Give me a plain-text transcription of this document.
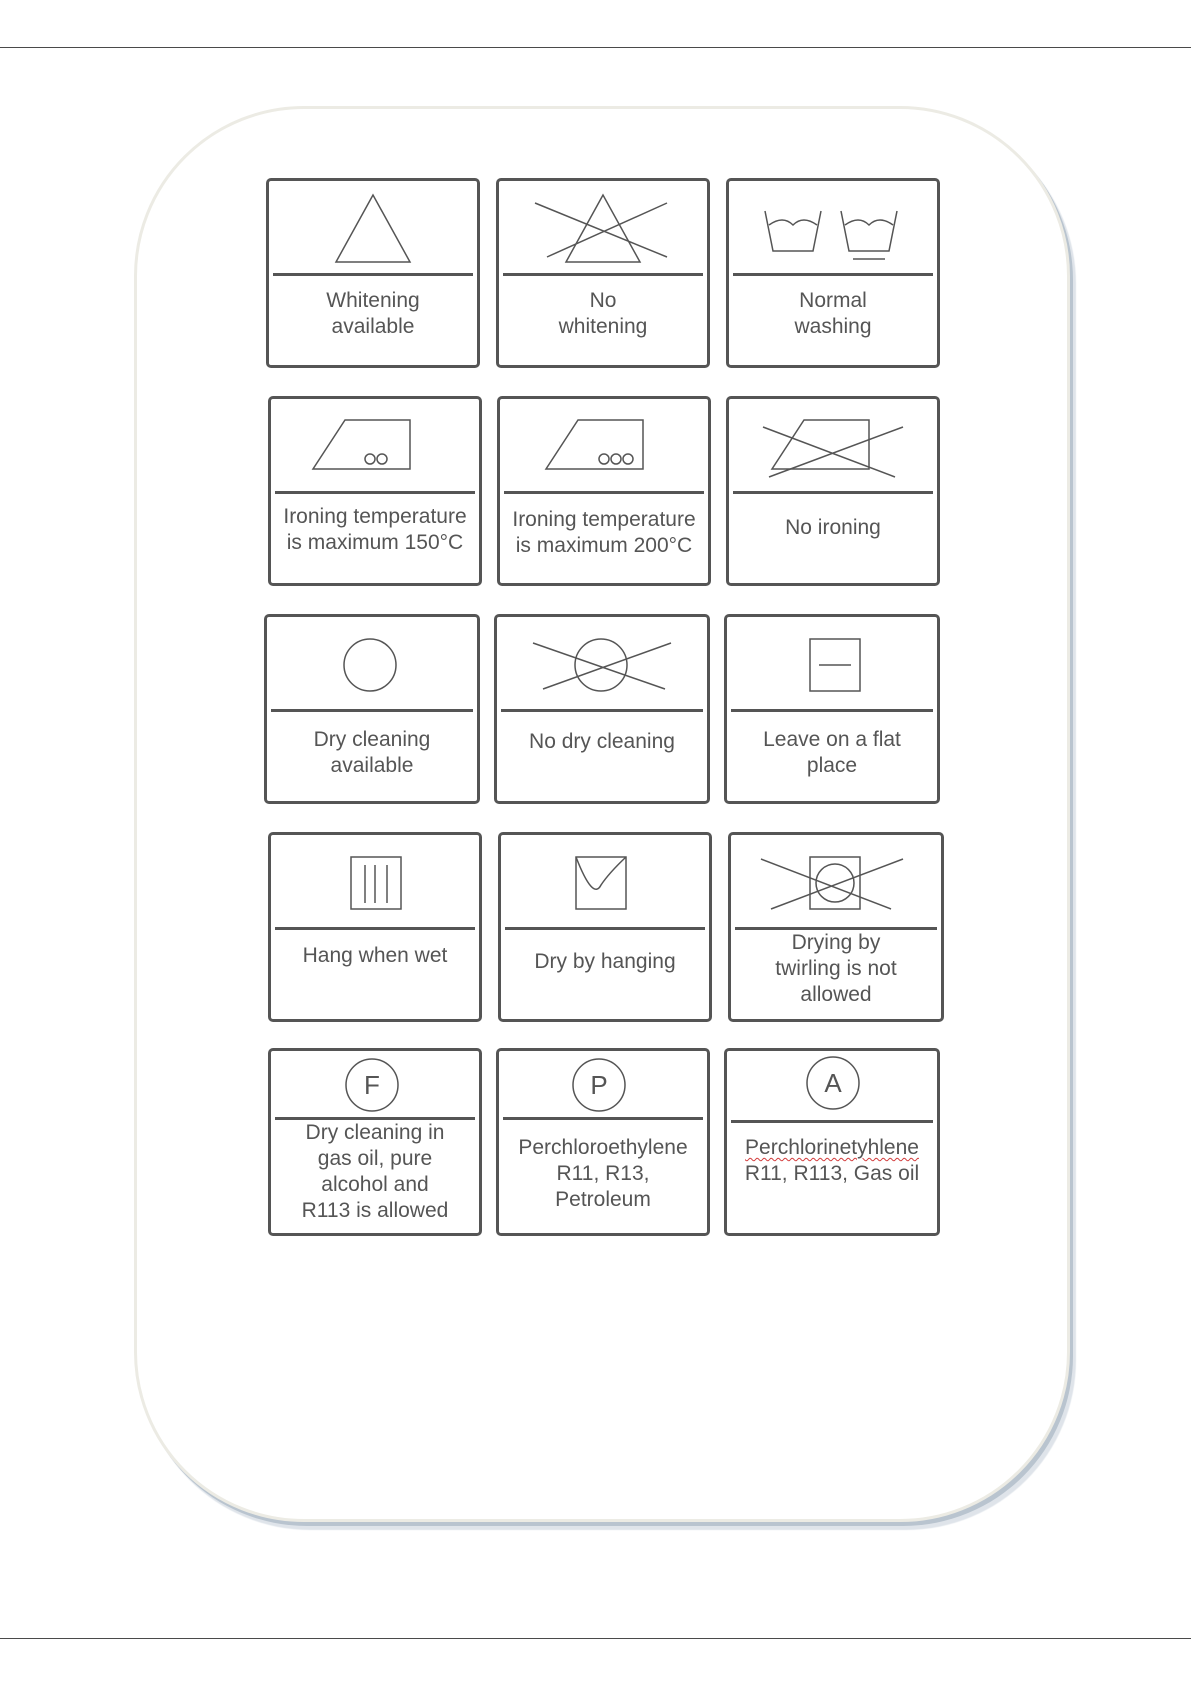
Whitening
available
No
whitening
Normal
washing
Ironing temperature
is maximum 150°C
Ironing temperature
is maximum 200°C
No ironing
Dry cleaning
available
No dry cleaning	Leave on a flat
place
Hang when wet	Dry by hanging
Drying by
twirling is not
allowed
F
Dry cleaning in
gas oil, pure
alcohol and
R113 is allowed
P
Perchloroethylene
R11, R13,
Petroleum
A
Perchlorinetyhlene
R11, R113, Gas oil
